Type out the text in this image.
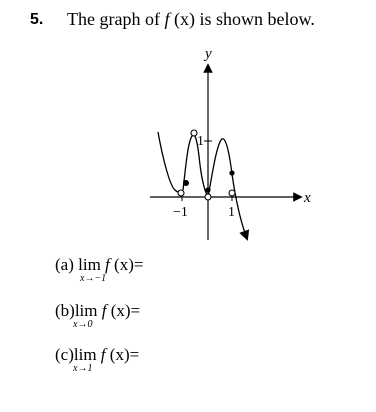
5. The graph of f (x) is shown below.
y
x
−1	1
1
(a) lim f (x)=
x→−1
(b)lim f (x)=
x→0
(c)lim f (x)=
x→1
